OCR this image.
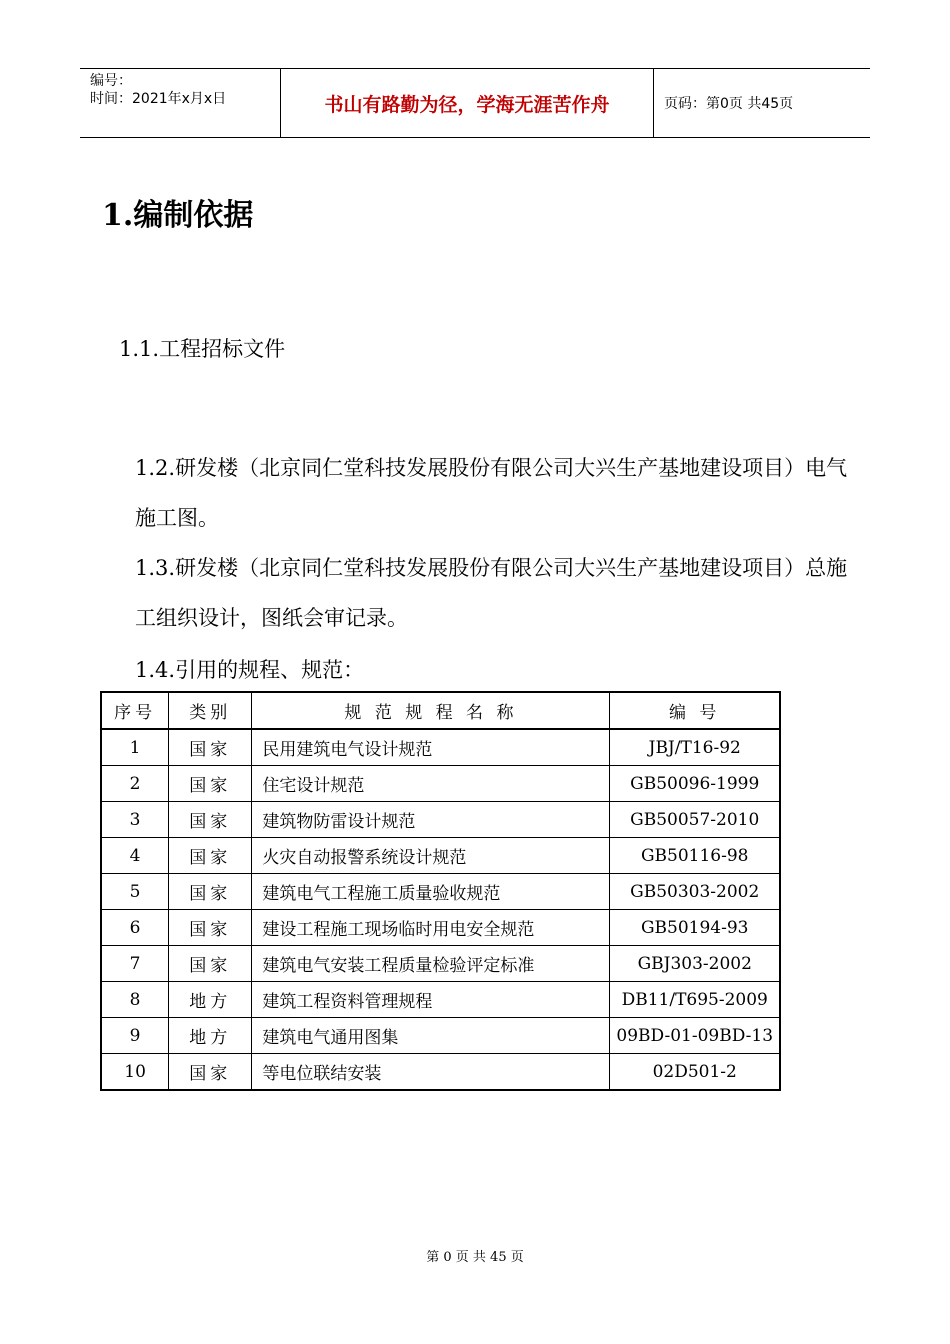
编号：
时间：2021年x月x日	书山有路勤为径，学海无涯苦作舟	页码：第0页 共45页
1.编制依据
1.1.工程招标文件
1.2.研发楼（北京同仁堂科技发展股份有限公司大兴生产基地建设项目）电气施工图。
1.3.研发楼（北京同仁堂科技发展股份有限公司大兴生产基地建设项目）总施工组织设计，图纸会审记录。
1.4.引用的规程、规范：
序号	类别	规 范 规 程 名 称	编 号
1	国家	民用建筑电气设计规范	JBJ/T16-92
2	国家	住宅设计规范	GB50096-1999
3	国家	建筑物防雷设计规范	GB50057-2010
4	国家	火灾自动报警系统设计规范	GB50116-98
5	国家	建筑电气工程施工质量验收规范	GB50303-2002
6	国家	建设工程施工现场临时用电安全规范	GB50194-93
7	国家	建筑电气安装工程质量检验评定标准	GBJ303-2002
8	地方	建筑工程资料管理规程	DB11/T695-2009
9	地方	建筑电气通用图集	09BD-01-09BD-13
10	国家	等电位联结安装	02D501-2
第 0 页 共 45 页
